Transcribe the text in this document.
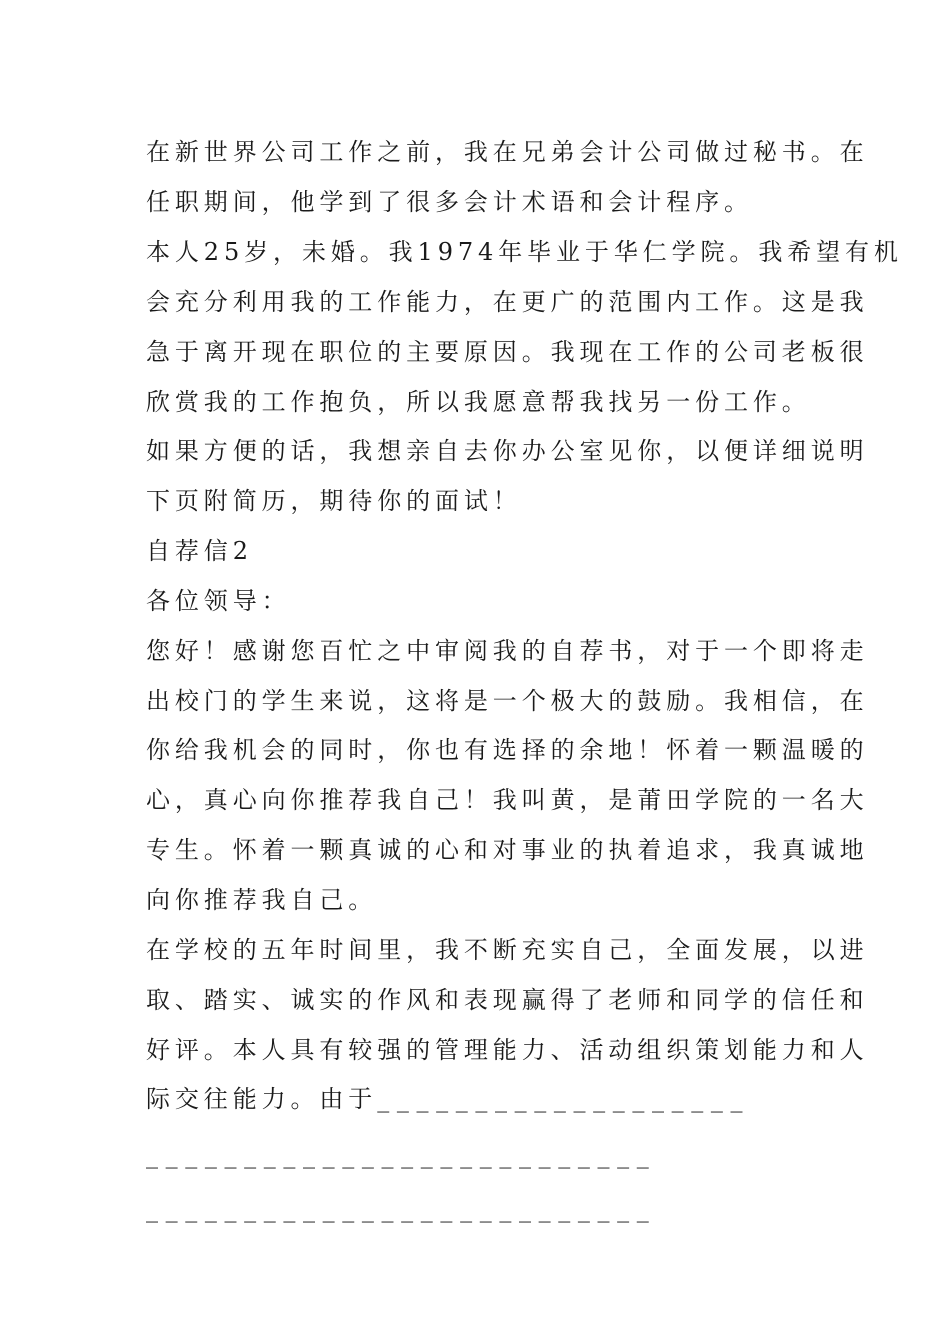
在新世界公司工作之前，我在兄弟会计公司做过秘书。在
任职期间，他学到了很多会计术语和会计程序。
本人25岁，未婚。我1974年毕业于华仁学院。我希望有机
会充分利用我的工作能力，在更广的范围内工作。这是我
急于离开现在职位的主要原因。我现在工作的公司老板很
欣赏我的工作抱负，所以我愿意帮我找另一份工作。
如果方便的话，我想亲自去你办公室见你，以便详细说明
下页附简历，期待你的面试！
自荐信2
各位领导：
您好！感谢您百忙之中审阅我的自荐书，对于一个即将走
出校门的学生来说，这将是一个极大的鼓励。我相信，在
你给我机会的同时，你也有选择的余地！怀着一颗温暖的
心，真心向你推荐我自己！我叫黄，是莆田学院的一名大
专生。怀着一颗真诚的心和对事业的执着追求，我真诚地
向你推荐我自己。
在学校的五年时间里，我不断充实自己，全面发展，以进
取、踏实、诚实的作风和表现赢得了老师和同学的信任和
好评。本人具有较强的管理能力、活动组织策划能力和人
际交往能力。由于_ _ _ _ _ _ _ _ _ _ _ _ _ _ _ _ _ _ _
_ _ _ _ _ _ _ _ _ _ _ _ _ _ _ _ _ _ _ _ _ _ _ _ _ _
_ _ _ _ _ _ _ _ _ _ _ _ _ _ _ _ _ _ _ _ _ _ _ _ _ _
